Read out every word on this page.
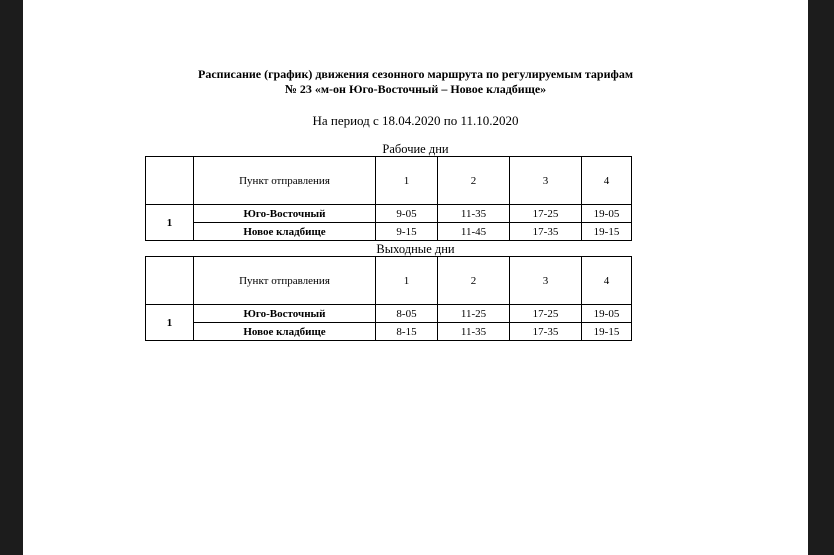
Расписание (график) движения сезонного маршрута по регулируемым тарифам
№ 23 «м-он Юго-Восточный – Новое кладбище»
На период с 18.04.2020 по 11.10.2020
Рабочие дни
	Пункт отправления	1	2	3	4
1	Юго-Восточный	9-05	11-35	17-25	19-05
	Новое кладбище	9-15	11-45	17-35	19-15
Выходные дни
	Пункт отправления	1	2	3	4
1	Юго-Восточный	8-05	11-25	17-25	19-05
	Новое кладбище	8-15	11-35	17-35	19-15
